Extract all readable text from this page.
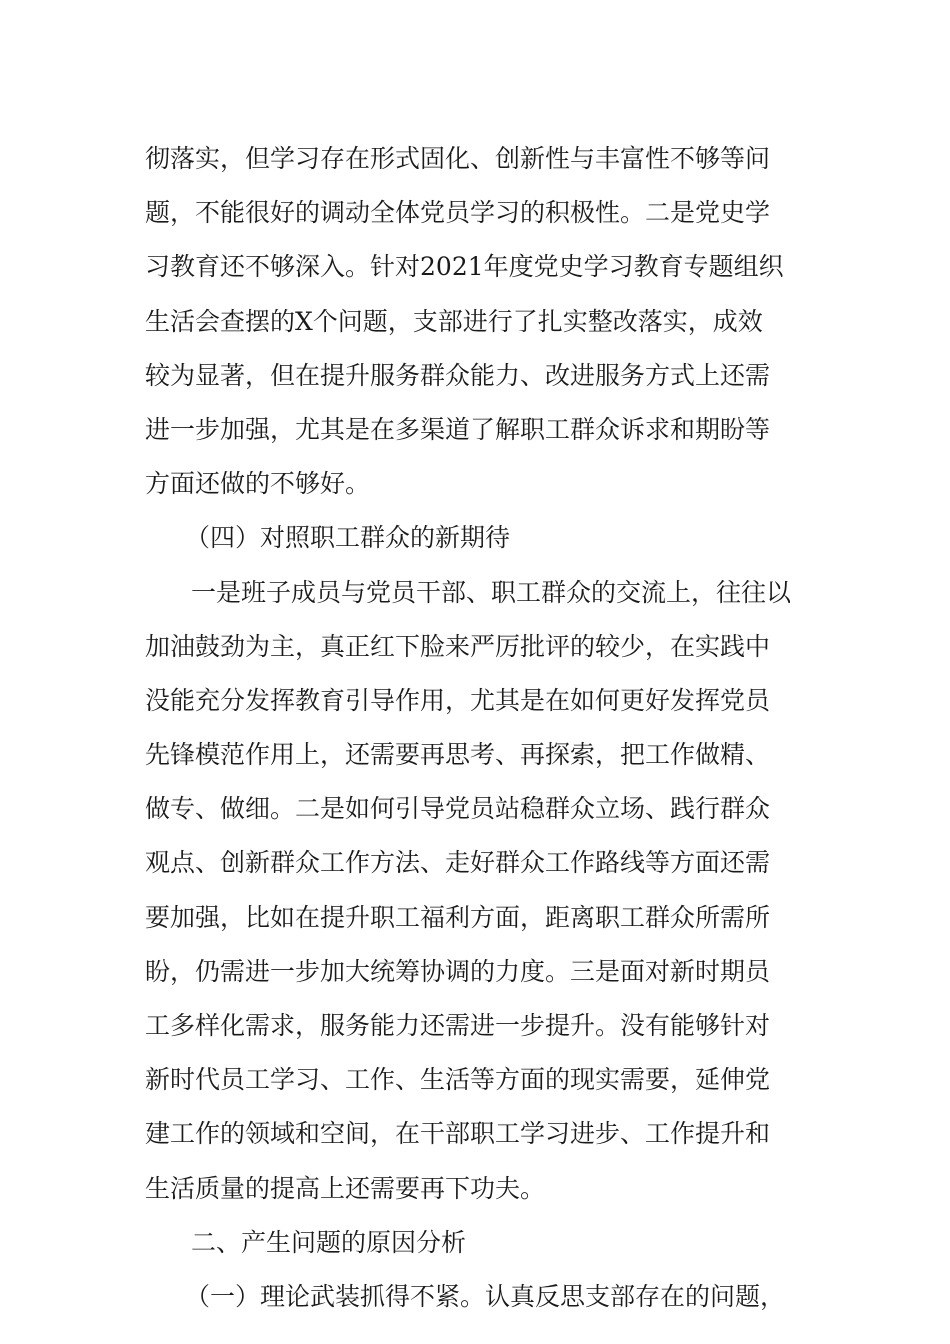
彻落实，但学习存在形式固化、创新性与丰富性不够等问
题，不能很好的调动全体党员学习的积极性。二是党史学
习教育还不够深入。针对2021年度党史学习教育专题组织
生活会查摆的X个问题，支部进行了扎实整改落实，成效
较为显著，但在提升服务群众能力、改进服务方式上还需
进一步加强，尤其是在多渠道了解职工群众诉求和期盼等
方面还做的不够好。
（四）对照职工群众的新期待
一是班子成员与党员干部、职工群众的交流上，往往以
加油鼓劲为主，真正红下脸来严厉批评的较少，在实践中
没能充分发挥教育引导作用，尤其是在如何更好发挥党员
先锋模范作用上，还需要再思考、再探索，把工作做精、
做专、做细。二是如何引导党员站稳群众立场、践行群众
观点、创新群众工作方法、走好群众工作路线等方面还需
要加强，比如在提升职工福利方面，距离职工群众所需所
盼，仍需进一步加大统筹协调的力度。三是面对新时期员
工多样化需求，服务能力还需进一步提升。没有能够针对
新时代员工学习、工作、生活等方面的现实需要，延伸党
建工作的领域和空间，在干部职工学习进步、工作提升和
生活质量的提高上还需要再下功夫。
二、产生问题的原因分析
（一）理论武装抓得不紧。认真反思支部存在的问题，
